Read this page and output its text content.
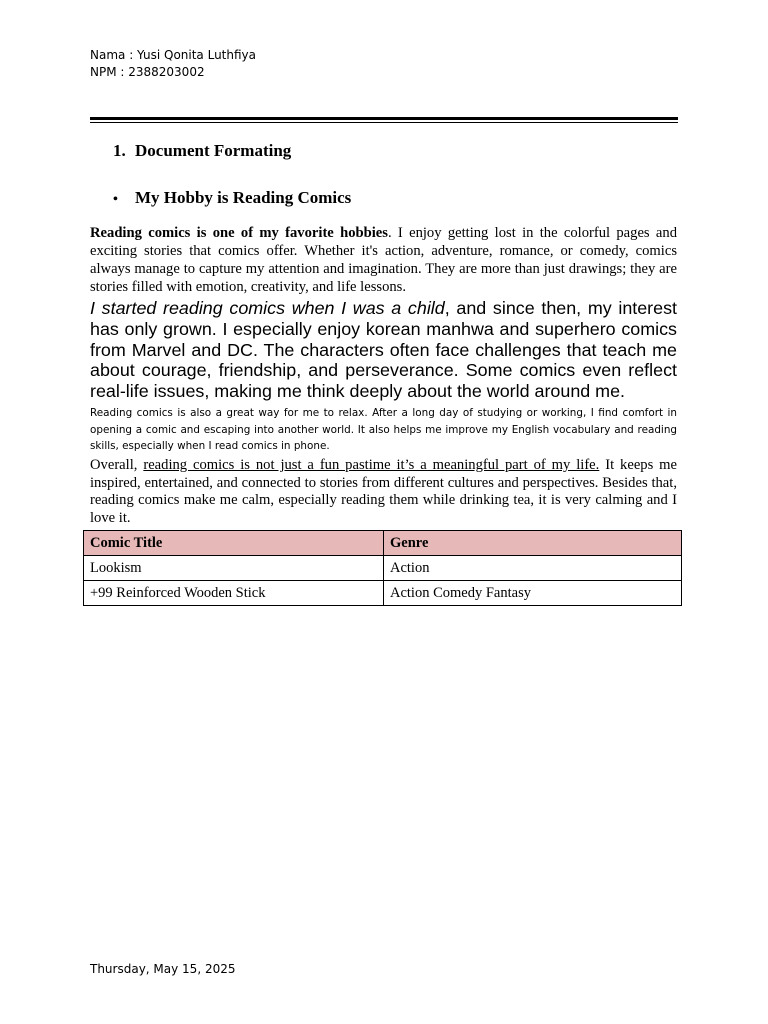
Nama : Yusi Qonita Luthfiya
NPM : 2388203002
1. Document Formating
• My Hobby is Reading Comics

Reading comics is one of my favorite hobbies. I enjoy getting lost in the colorful pages and exciting stories that comics offer. Whether it's action, adventure, romance, or comedy, comics always manage to capture my attention and imagination. They are more than just drawings; they are stories filled with emotion, creativity, and life lessons.

I started reading comics when I was a child, and since then, my interest has only grown. I especially enjoy korean manhwa and superhero comics from Marvel and DC. The characters often face challenges that teach me about courage, friendship, and perseverance. Some comics even reflect real-life issues, making me think deeply about the world around me.

Reading comics is also a great way for me to relax. After a long day of studying or working, I find comfort in opening a comic and escaping into another world. It also helps me improve my English vocabulary and reading skills, especially when I read comics in phone.

Overall, reading comics is not just a fun pastime it’s a meaningful part of my life. It keeps me inspired, entertained, and connected to stories from different cultures and perspectives. Besides that, reading comics make me calm, especially reading them while drinking tea, it is very calming and I love it.

Comic Title	Genre
Lookism	Action
+99 Reinforced Wooden Stick	Action Comedy Fantasy
Thursday, May 15, 2025
